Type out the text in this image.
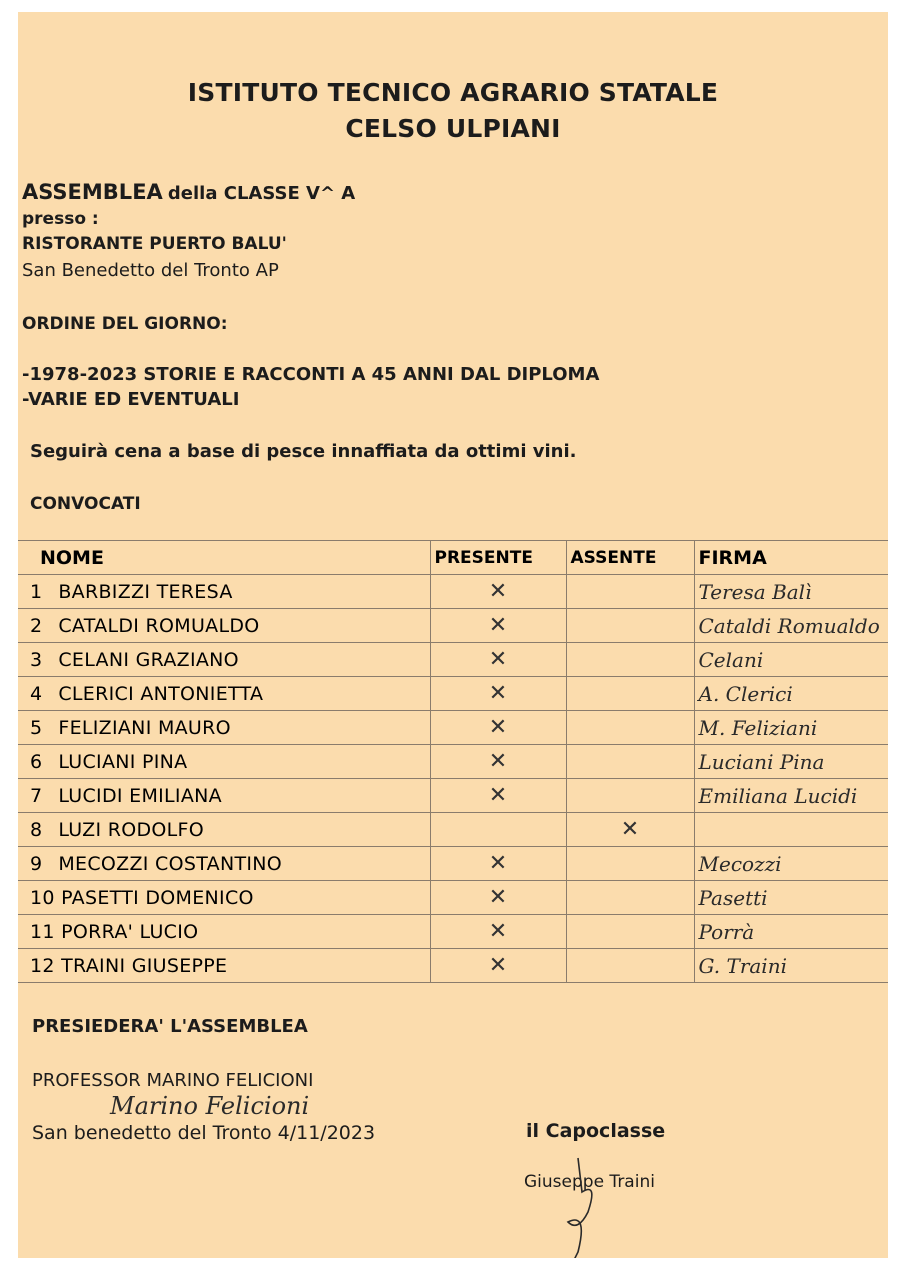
ISTITUTO TECNICO AGRARIO STATALE
CELSO ULPIANI
ASSEMBLEA della CLASSE V^ A
presso :
RISTORANTE PUERTO BALU'
San Benedetto del Tronto AP
ORDINE DEL GIORNO:
-1978-2023 STORIE E RACCONTI A 45 ANNI DAL DIPLOMA
-VARIE ED EVENTUALI
Seguirà cena a base di pesce innaffiata da ottimi vini.
CONVOCATI
NOME	PRESENTE	ASSENTE	FIRMA
1 BARBIZZI TERESA	✕		Teresa Balì
2 CATALDI ROMUALDO	✕		Cataldi Romualdo
3 CELANI GRAZIANO	✕		Celani
4 CLERICI ANTONIETTA	✕		A. Clerici
5 FELIZIANI MAURO	✕		M. Feliziani
6 LUCIANI PINA	✕		Luciani Pina
7 LUCIDI EMILIANA	✕		Emiliana Lucidi
8 LUZI RODOLFO		✕	
9 MECOZZI COSTANTINO	✕		Mecozzi
10 PASETTI DOMENICO	✕		Pasetti
11 PORRA' LUCIO	✕		Porrà
12 TRAINI GIUSEPPE	✕		G. Traini
PRESIEDERA' L'ASSEMBLEA
PROFESSOR MARINO FELICIONI
Marino Felicioni
San benedetto del Tronto 4/11/2023	il Capoclasse
Giuseppe Traini
